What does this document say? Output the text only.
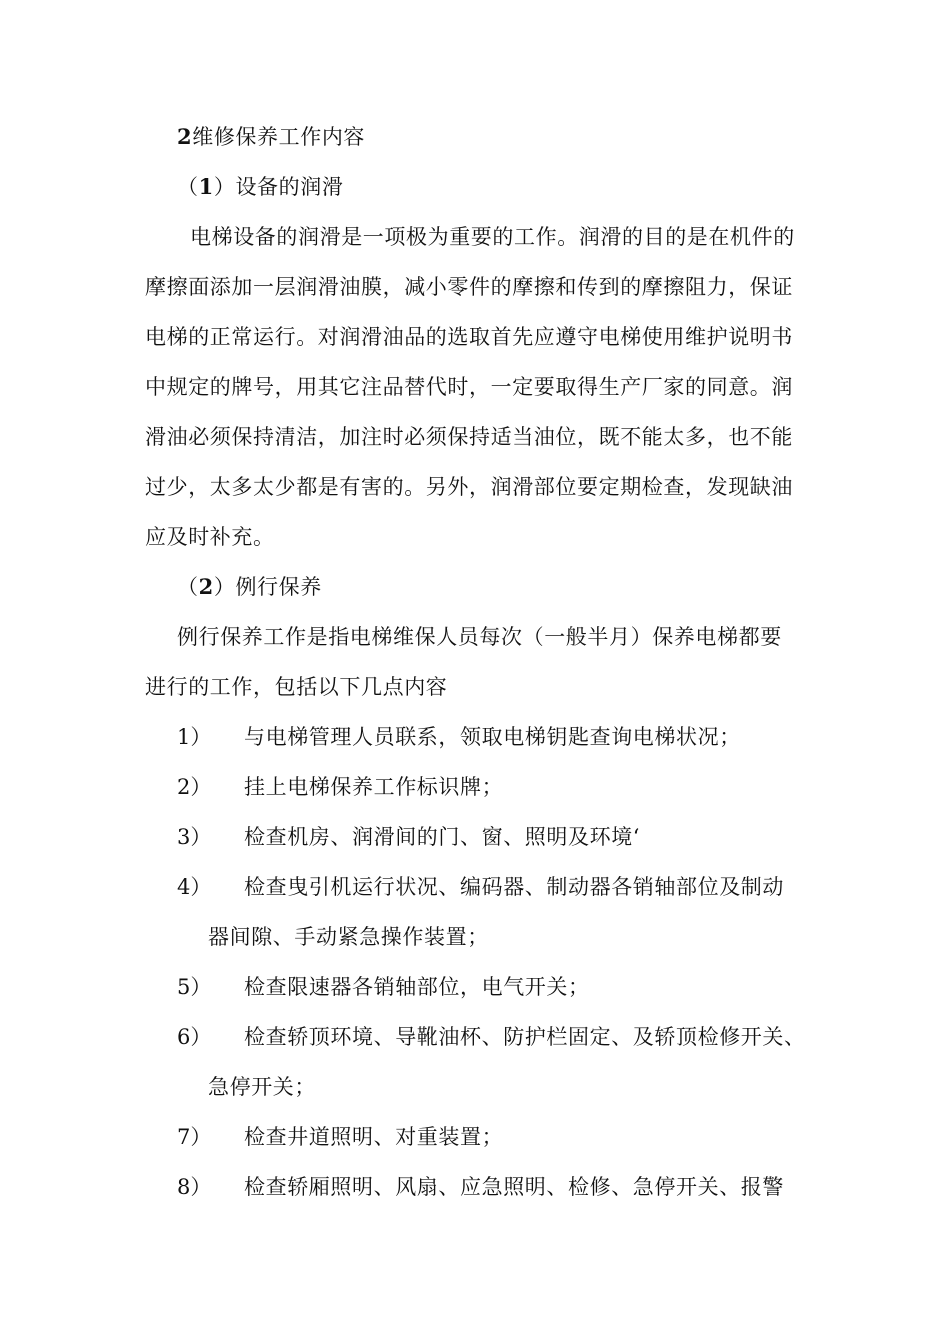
2维修保养工作内容
（1）设备的润滑
电梯设备的润滑是一项极为重要的工作。润滑的目的是在机件的
摩擦面添加一层润滑油膜，减小零件的摩擦和传到的摩擦阻力，保证
电梯的正常运行。对润滑油品的选取首先应遵守电梯使用维护说明书
中规定的牌号，用其它注品替代时，一定要取得生产厂家的同意。润
滑油必须保持清洁，加注时必须保持适当油位，既不能太多，也不能
过少，太多太少都是有害的。另外，润滑部位要定期检查，发现缺油
应及时补充。
（2）例行保养
例行保养工作是指电梯维保人员每次（一般半月）保养电梯都要
进行的工作，包括以下几点内容
1） 与电梯管理人员联系，领取电梯钥匙查询电梯状况；
2） 挂上电梯保养工作标识牌；
3） 检查机房、润滑间的门、窗、照明及环境‘
4） 检查曳引机运行状况、编码器、制动器各销轴部位及制动
器间隙、手动紧急操作装置；
5） 检查限速器各销轴部位，电气开关；
6） 检查轿顶环境、导靴油杯、防护栏固定、及轿顶检修开关、
急停开关；
7） 检查井道照明、对重装置；
8） 检查轿厢照明、风扇、应急照明、检修、急停开关、报警
